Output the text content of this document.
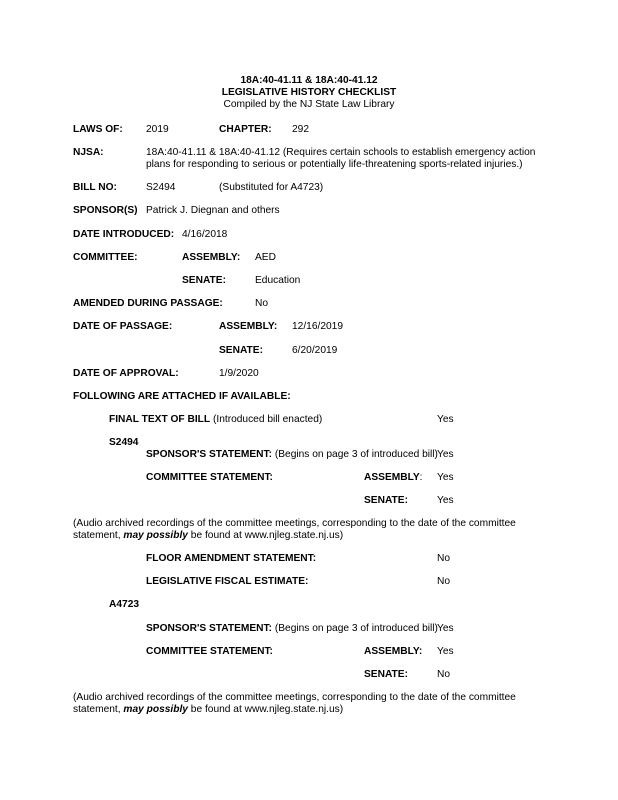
18A:40-41.11 & 18A:40-41.12
LEGISLATIVE HISTORY CHECKLIST
Compiled by the NJ State Law Library
LAWS OF: 2019	CHAPTER: 292
NJSA:	18A:40-41.11 & 18A:40-41.12 (Requires certain schools to establish emergency action
plans for responding to serious or potentially life-threatening sports-related injuries.)
BILL NO:	S2494	(Substituted for A4723)
SPONSOR(S) Patrick J. Diegnan and others
DATE INTRODUCED: 4/16/2018
COMMITTEE:	ASSEMBLY: AED
SENATE:	Education
AMENDED DURING PASSAGE:	No
DATE OF PASSAGE:	ASSEMBLY: 12/16/2019
SENATE:	6/20/2019
DATE OF APPROVAL:	1/9/2020
FOLLOWING ARE ATTACHED IF AVAILABLE:
FINAL TEXT OF BILL (Introduced bill enacted)	Yes
S2494
SPONSOR'S STATEMENT: (Begins on page 3 of introduced bill) Yes
COMMITTEE STATEMENT:	ASSEMBLY: Yes
SENATE:	Yes
(Audio archived recordings of the committee meetings, corresponding to the date of the committee
statement, may possibly be found at www.njleg.state.nj.us)
FLOOR AMENDMENT STATEMENT:	No
LEGISLATIVE FISCAL ESTIMATE:	No
A4723
SPONSOR'S STATEMENT: (Begins on page 3 of introduced bill) Yes
COMMITTEE STATEMENT:	ASSEMBLY: Yes
SENATE:	No
(Audio archived recordings of the committee meetings, corresponding to the date of the committee
statement, may possibly be found at www.njleg.state.nj.us)
